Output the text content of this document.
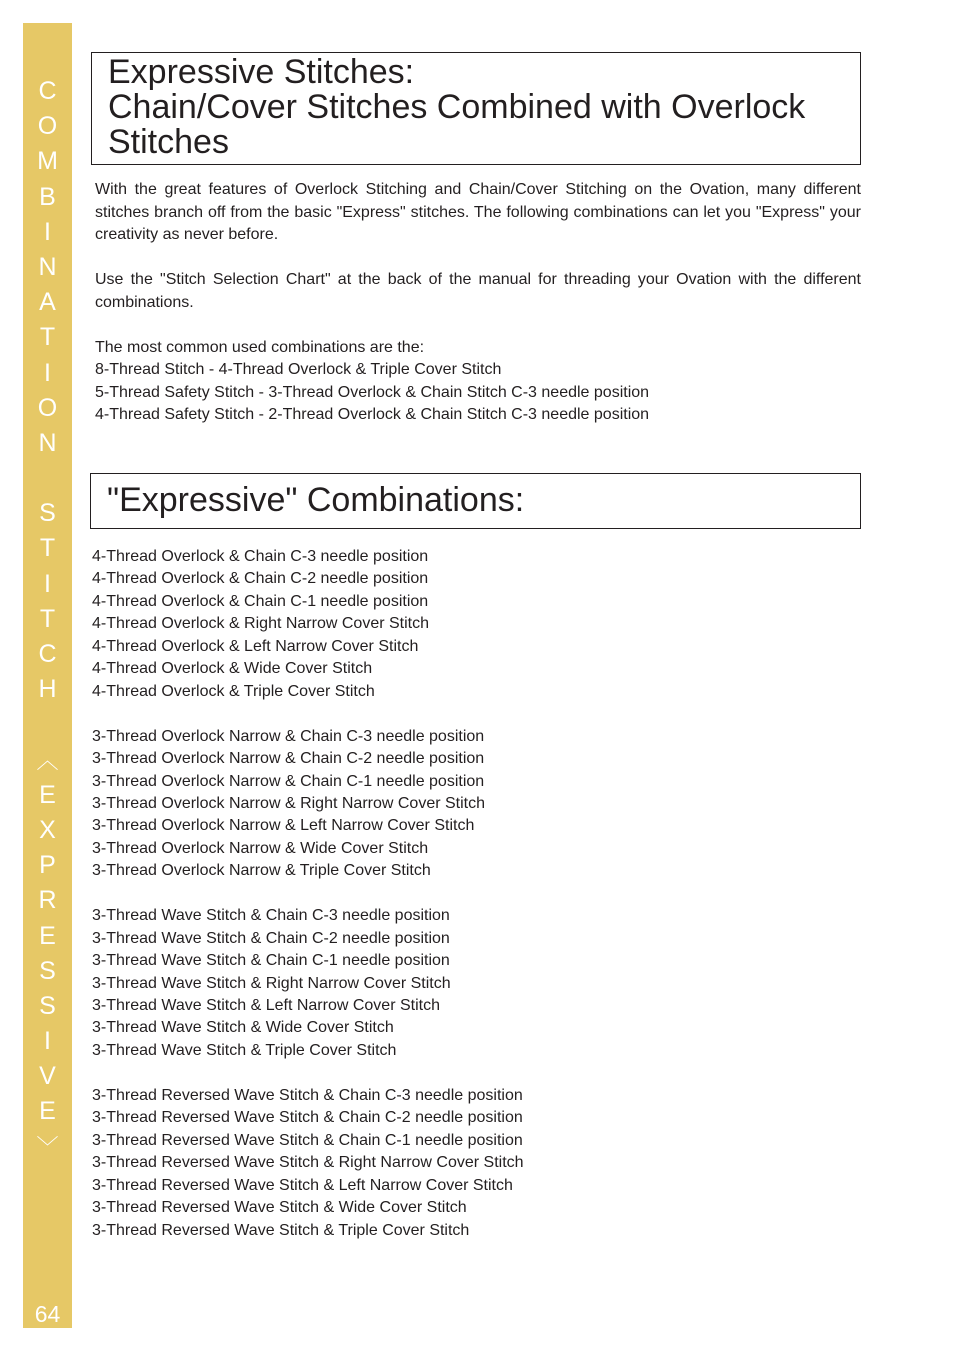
C
O
M
B
I
N
A
T
I
O
N
S
T
I
T
C
H
︿
E
X
P
R
E
S
S
I
V
E
﹀
64
Expressive Stitches:
Chain/Cover Stitches Combined with Overlock
Stitches

With the great features of Overlock Stitching and Chain/Cover Stitching on the Ovation, many different stitches branch off from the basic "Express" stitches. The following combinations can let you "Express" your creativity as never before.

Use the "Stitch Selection Chart" at the back of the manual for threading your Ovation with the different combinations.

The most common used combinations are the:
8-Thread Stitch - 4-Thread Overlock & Triple Cover Stitch
5-Thread Safety Stitch - 3-Thread Overlock & Chain Stitch C-3 needle position
4-Thread Safety Stitch - 2-Thread Overlock & Chain Stitch C-3 needle position

"Expressive" Combinations:
4-Thread Overlock & Chain C-3 needle position
4-Thread Overlock & Chain C-2 needle position
4-Thread Overlock & Chain C-1 needle position
4-Thread Overlock & Right Narrow Cover Stitch
4-Thread Overlock & Left Narrow Cover Stitch
4-Thread Overlock & Wide Cover Stitch
4-Thread Overlock & Triple Cover Stitch
3-Thread Overlock Narrow & Chain C-3 needle position
3-Thread Overlock Narrow & Chain C-2 needle position
3-Thread Overlock Narrow & Chain C-1 needle position
3-Thread Overlock Narrow & Right Narrow Cover Stitch
3-Thread Overlock Narrow & Left Narrow Cover Stitch
3-Thread Overlock Narrow & Wide Cover Stitch
3-Thread Overlock Narrow & Triple Cover Stitch
3-Thread Wave Stitch & Chain C-3 needle position
3-Thread Wave Stitch & Chain C-2 needle position
3-Thread Wave Stitch & Chain C-1 needle position
3-Thread Wave Stitch & Right Narrow Cover Stitch
3-Thread Wave Stitch & Left Narrow Cover Stitch
3-Thread Wave Stitch & Wide Cover Stitch
3-Thread Wave Stitch & Triple Cover Stitch
3-Thread Reversed Wave Stitch & Chain C-3 needle position
3-Thread Reversed Wave Stitch & Chain C-2 needle position
3-Thread Reversed Wave Stitch & Chain C-1 needle position
3-Thread Reversed Wave Stitch & Right Narrow Cover Stitch
3-Thread Reversed Wave Stitch & Left Narrow Cover Stitch
3-Thread Reversed Wave Stitch & Wide Cover Stitch
3-Thread Reversed Wave Stitch & Triple Cover Stitch
